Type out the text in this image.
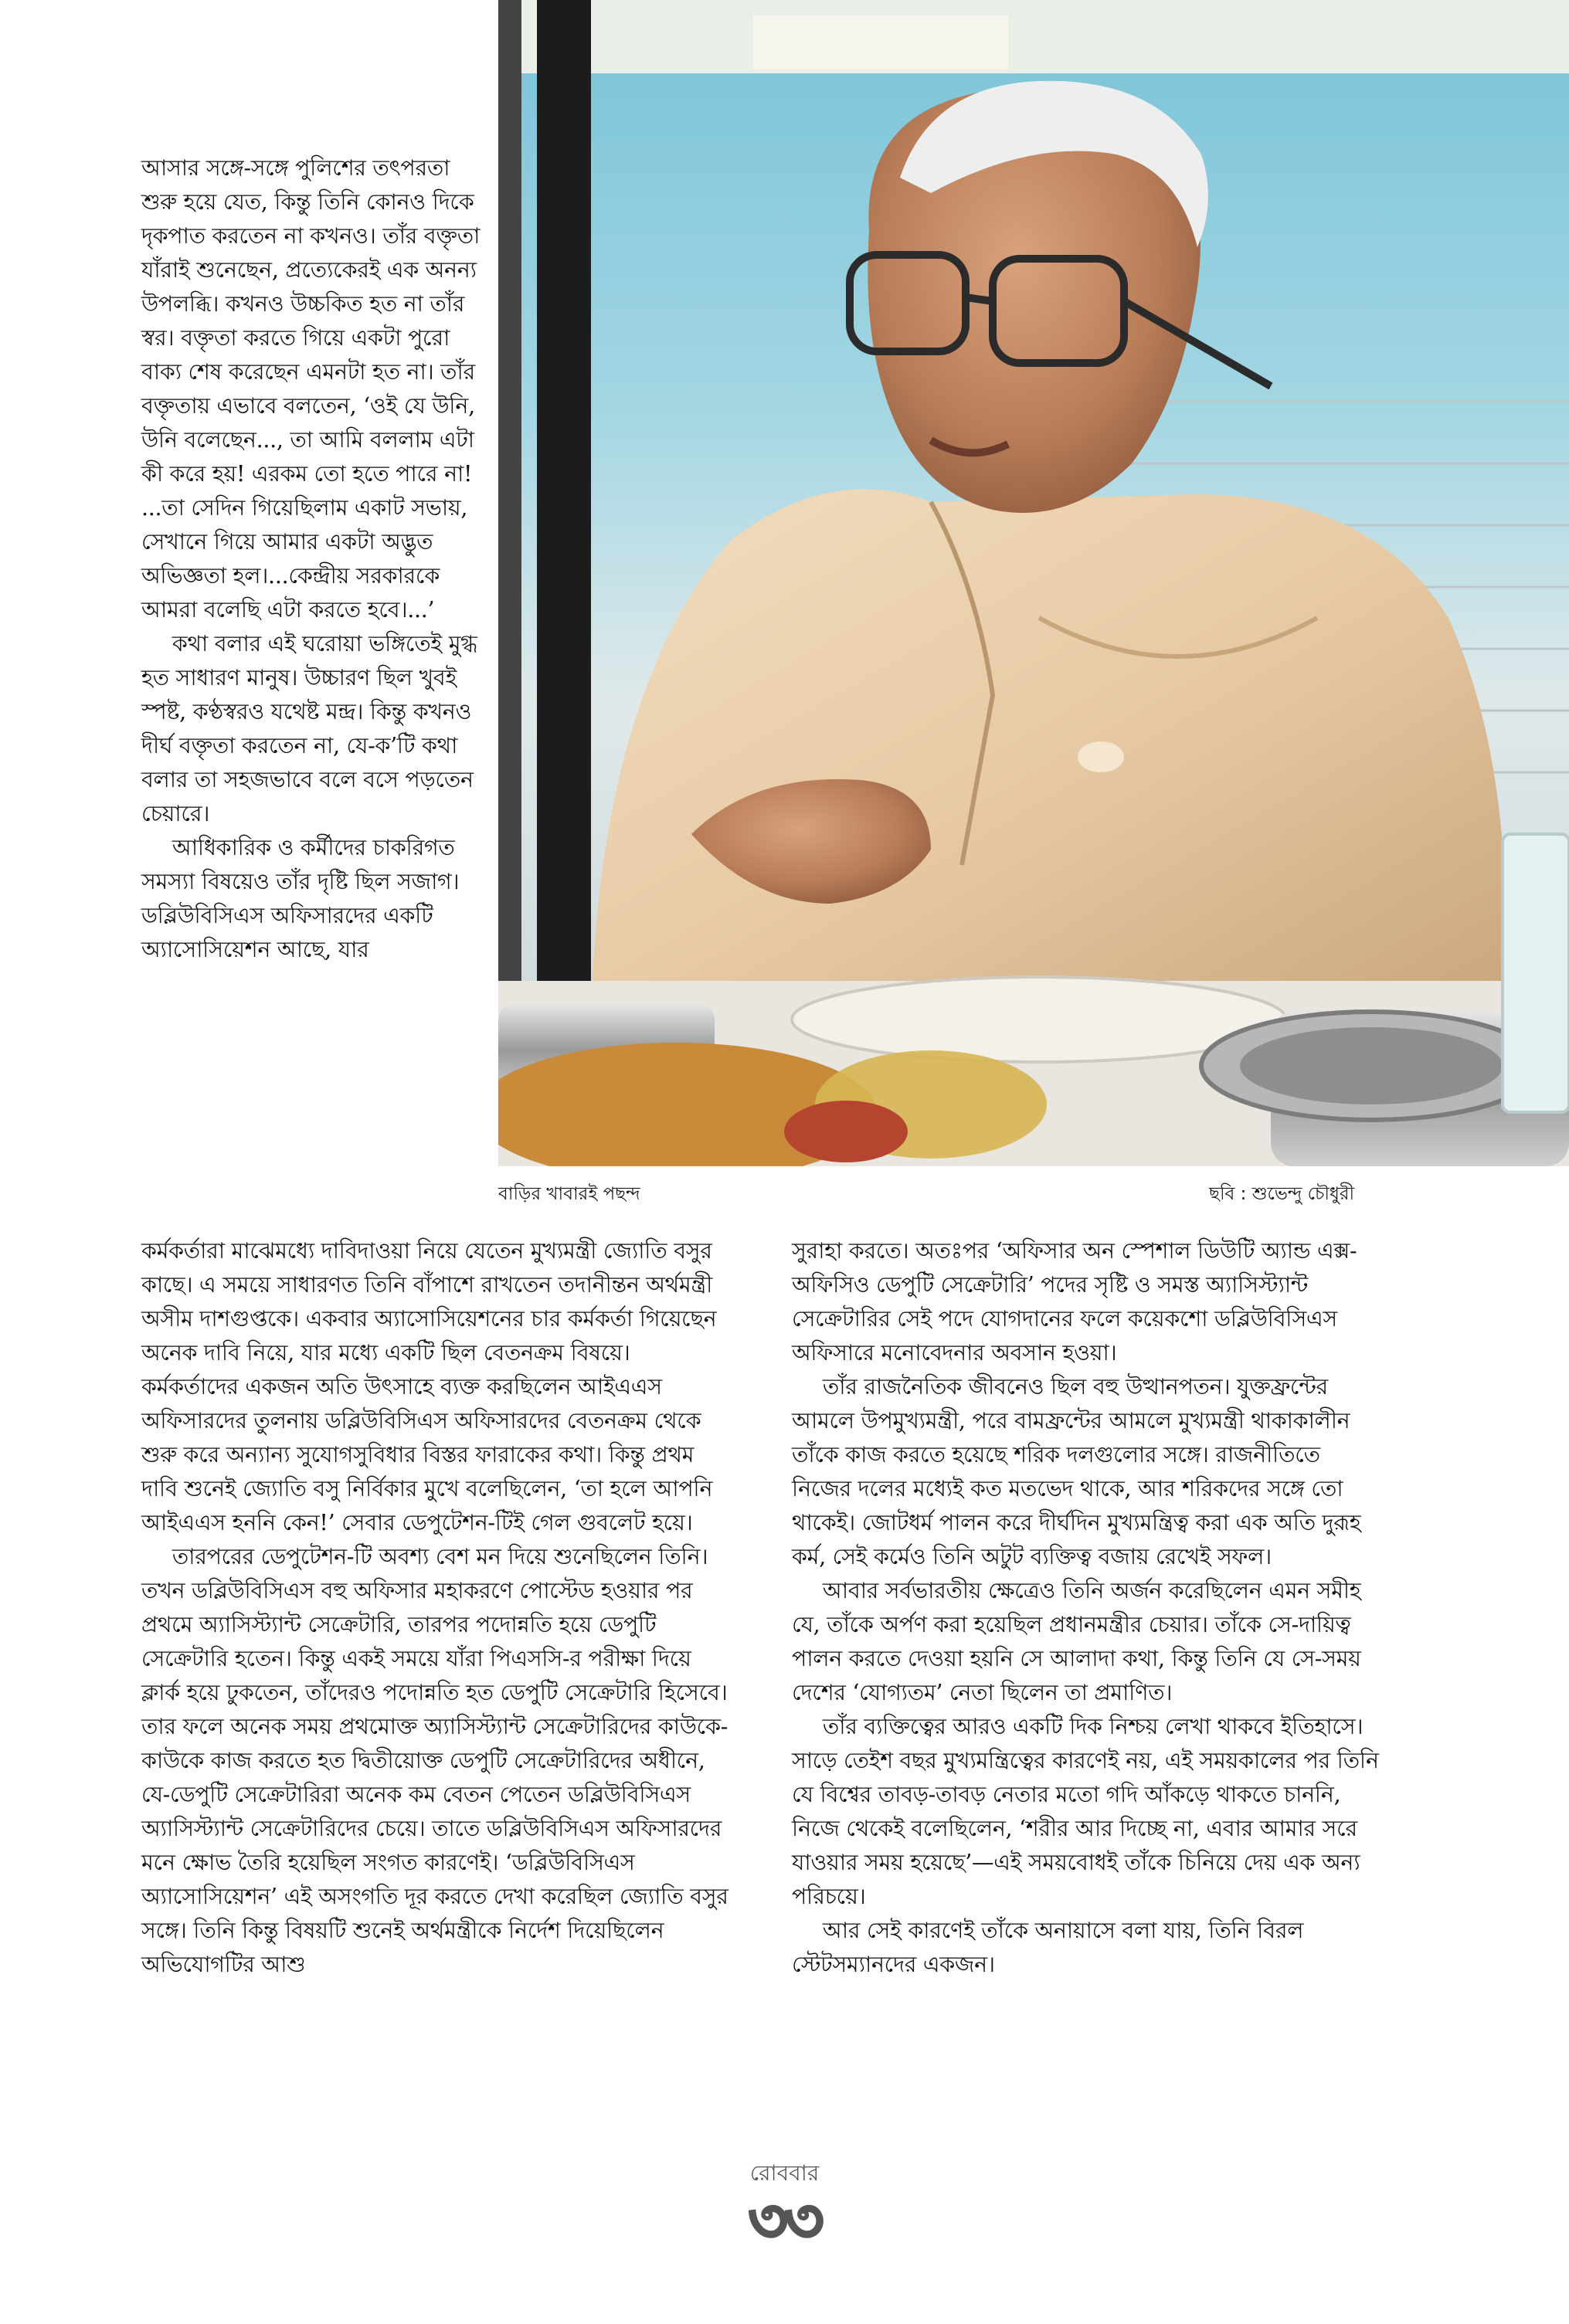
আসার সঙ্গে-সঙ্গে পুলিশের তৎপরতা শুরু হয়ে যেত, কিন্তু তিনি কোনও দিকে দৃকপাত করতেন না কখনও। তাঁর বক্তৃতা যাঁরাই শুনেছেন, প্রত্যেকেরই এক অনন্য উপলব্ধি। কখনও উচ্চকিত হত না তাঁর স্বর। বক্তৃতা করতে গিয়ে একটা পুরো বাক্য শেষ করেছেন এমনটা হত না। তাঁর বক্তৃতায় এভাবে বলতেন, ‘ওই যে উনি, উনি বলেছেন..., তা আমি বললাম এটা কী করে হয়! এরকম তো হতে পারে না! ...তা সেদিন গিয়েছিলাম একাট সভায়, সেখানে গিয়ে আমার একটা অদ্ভুত অভিজ্ঞতা হল।...কেন্দ্রীয় সরকারকে আমরা বলেছি এটা করতে হবে।...’

কথা বলার এই ঘরোয়া ভঙ্গিতেই মুগ্ধ হত সাধারণ মানুষ। উচ্চারণ ছিল খুবই স্পষ্ট, কণ্ঠস্বরও যথেষ্ট মন্দ্র। কিন্তু কখনও দীর্ঘ বক্তৃতা করতেন না, যে-ক’টি কথা বলার তা সহজভাবে বলে বসে পড়তেন চেয়ারে।

আধিকারিক ও কর্মীদের চাকরিগত সমস্যা বিষয়েও তাঁর দৃষ্টি ছিল সজাগ। ডব্লিউবিসিএস অফিসারদের একটি অ্যাসোসিয়েশন আছে, যার

বাড়ির খাবারই পছন্দ	ছবি : শুভেন্দু চৌধুরী

কর্মকর্তারা মাঝেমধ্যে দাবিদাওয়া নিয়ে যেতেন মুখ্যমন্ত্রী জ্যোতি বসুর কাছে। এ সময়ে সাধারণত তিনি বাঁপাশে রাখতেন তদানীন্তন অর্থমন্ত্রী অসীম দাশগুপ্তকে। একবার অ্যাসোসিয়েশনের চার কর্মকর্তা গিয়েছেন অনেক দাবি নিয়ে, যার মধ্যে একটি ছিল বেতনক্রম বিষয়ে। কর্মকর্তাদের একজন অতি উৎসাহে ব্যক্ত করছিলেন আইএএস অফিসারদের তুলনায় ডব্লিউবিসিএস অফিসারদের বেতনক্রম থেকে শুরু করে অন্যান্য সুযোগসুবিধার বিস্তর ফারাকের কথা। কিন্তু প্রথম দাবি শুনেই জ্যোতি বসু নির্বিকার মুখে বলেছিলেন, ‘তা হলে আপনি আইএএস হননি কেন!’ সেবার ডেপুটেশন-টিই গেল গুবলেট হয়ে।

তারপরের ডেপুটেশন-টি অবশ্য বেশ মন দিয়ে শুনেছিলেন তিনি। তখন ডব্লিউবিসিএস বহু অফিসার মহাকরণে পোস্টেড হওয়ার পর প্রথমে অ্যাসিস্ট্যান্ট সেক্রেটারি, তারপর পদোন্নতি হয়ে ডেপুটি সেক্রেটারি হতেন। কিন্তু একই সময়ে যাঁরা পিএসসি-র পরীক্ষা দিয়ে ক্লার্ক হয়ে ঢুকতেন, তাঁদেরও পদোন্নতি হত ডেপুটি সেক্রেটারি হিসেবে। তার ফলে অনেক সময় প্রথমোক্ত অ্যাসিস্ট্যান্ট সেক্রেটারিদের কাউকে-কাউকে কাজ করতে হত দ্বিতীয়োক্ত ডেপুটি সেক্রেটারিদের অধীনে, যে-ডেপুটি সেক্রেটারিরা অনেক কম বেতন পেতেন ডব্লিউবিসিএস অ্যাসিস্ট্যান্ট সেক্রেটারিদের চেয়ে। তাতে ডব্লিউবিসিএস অফিসারদের মনে ক্ষোভ তৈরি হয়েছিল সংগত কারণেই। ‘ডব্লিউবিসিএস অ্যাসোসিয়েশন’ এই অসংগতি দূর করতে দেখা করেছিল জ্যোতি বসুর সঙ্গে। তিনি কিন্তু বিষয়টি শুনেই অর্থমন্ত্রীকে নির্দেশ দিয়েছিলেন অভিযোগটির আশু

সুরাহা করতে। অতঃপর ‘অফিসার অন স্পেশাল ডিউটি অ্যান্ড এক্স-অফিসিও ডেপুটি সেক্রেটারি’ পদের সৃষ্টি ও সমস্ত অ্যাসিস্ট্যান্ট সেক্রেটারির সেই পদে যোগদানের ফলে কয়েকশো ডব্লিউবিসিএস অফিসারে মনোবেদনার অবসান হওয়া।

তাঁর রাজনৈতিক জীবনেও ছিল বহু উত্থানপতন। যুক্তফ্রন্টের আমলে উপমুখ্যমন্ত্রী, পরে বামফ্রন্টের আমলে মুখ্যমন্ত্রী থাকাকালীন তাঁকে কাজ করতে হয়েছে শরিক দলগুলোর সঙ্গে। রাজনীতিতে নিজের দলের মধ্যেই কত মতভেদ থাকে, আর শরিকদের সঙ্গে তো থাকেই। জোটধর্ম পালন করে দীর্ঘদিন মুখ্যমন্ত্রিত্ব করা এক অতি দুরূহ কর্ম, সেই কর্মেও তিনি অটুট ব্যক্তিত্ব বজায় রেখেই সফল।

আবার সর্বভারতীয় ক্ষেত্রেও তিনি অর্জন করেছিলেন এমন সমীহ যে, তাঁকে অর্পণ করা হয়েছিল প্রধানমন্ত্রীর চেয়ার। তাঁকে সে-দায়িত্ব পালন করতে দেওয়া হয়নি সে আলাদা কথা, কিন্তু তিনি যে সে-সময় দেশের ‘যোগ্যতম’ নেতা ছিলেন তা প্রমাণিত।

তাঁর ব্যক্তিত্বের আরও একটি দিক নিশ্চয় লেখা থাকবে ইতিহাসে। সাড়ে তেইশ বছর মুখ্যমন্ত্রিত্বের কারণেই নয়, এই সময়কালের পর তিনি যে বিশ্বের তাবড়-তাবড় নেতার মতো গদি আঁকড়ে থাকতে চাননি, নিজে থেকেই বলেছিলেন, ‘শরীর আর দিচ্ছে না, এবার আমার সরে যাওয়ার সময় হয়েছে’—এই সময়বোধই তাঁকে চিনিয়ে দেয় এক অন্য পরিচয়ে।

আর সেই কারণেই তাঁকে অনায়াসে বলা যায়, তিনি বিরল স্টেটসম্যানদের একজন।

রোববার
৩৩
